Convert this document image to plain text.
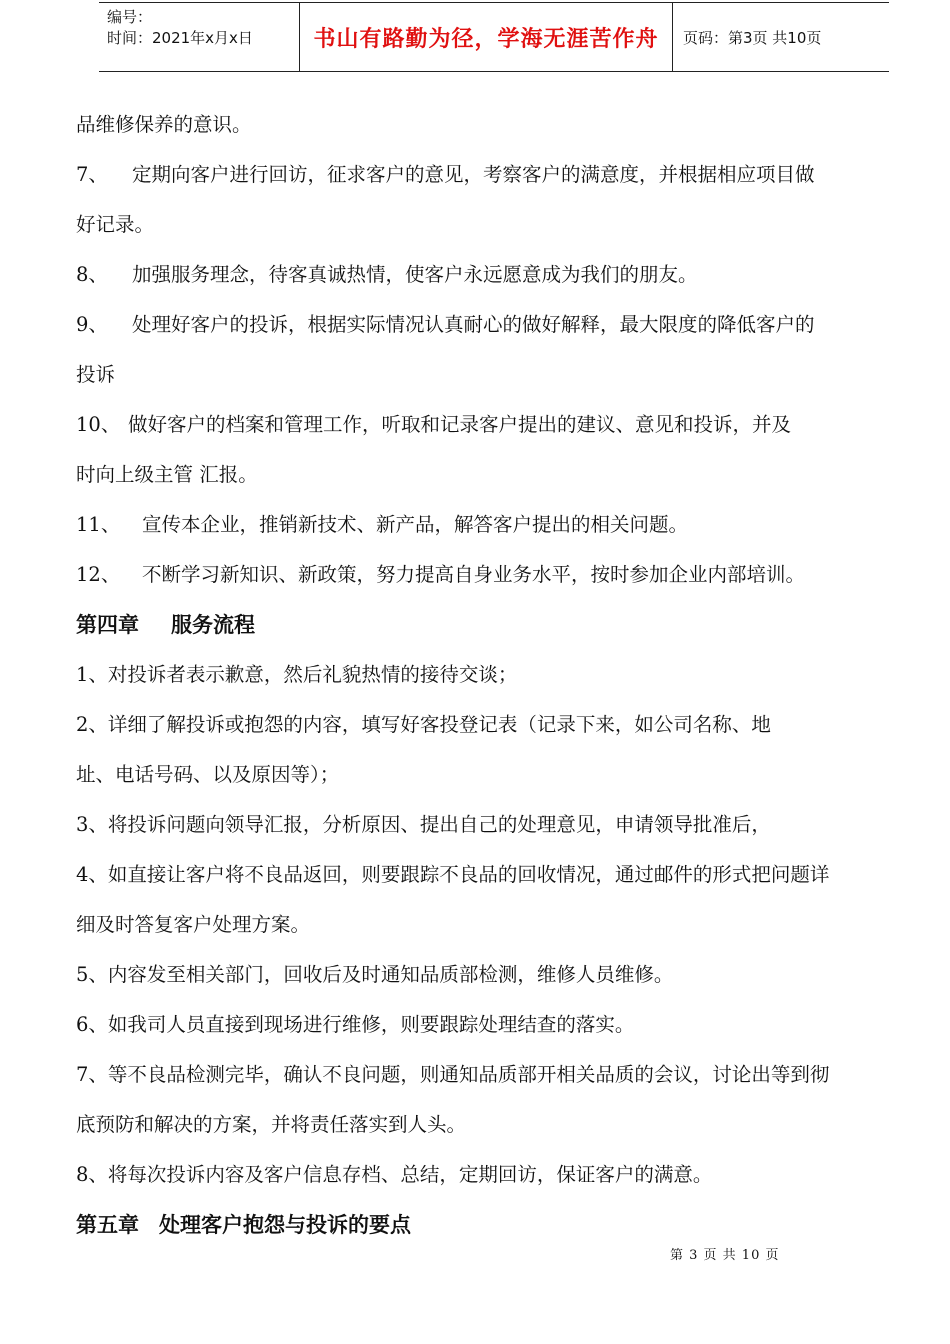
编号：
时间：2021年x月x日	书山有路勤为径，学海无涯苦作舟 页码：第3页 共10页
品维修保养的意识。
7、 定期向客户进行回访，征求客户的意见，考察客户的满意度，并根据相应项目做
好记录。
8、 加强服务理念，待客真诚热情，使客户永远愿意成为我们的朋友。
9、 处理好客户的投诉，根据实际情况认真耐心的做好解释，最大限度的降低客户的
投诉
10、 做好客户的档案和管理工作，听取和记录客户提出的建议、意见和投诉，并及
时向上级主管 汇报。
11、 宣传本企业，推销新技术、新产品，解答客户提出的相关问题。
12、 不断学习新知识、新政策，努力提高自身业务水平，按时参加企业内部培训。
第四章 服务流程
1、对投诉者表示歉意，然后礼貌热情的接待交谈；
2、详细了解投诉或抱怨的内容，填写好客投登记表（记录下来，如公司名称、地
址、电话号码、以及原因等）；
3、将投诉问题向领导汇报，分析原因、提出自己的处理意见，申请领导批准后，
4、如直接让客户将不良品返回，则要跟踪不良品的回收情况，通过邮件的形式把问题详
细及时答复客户处理方案。
5、内容发至相关部门，回收后及时通知品质部检测，维修人员维修。
6、如我司人员直接到现场进行维修，则要跟踪处理结查的落实。
7、等不良品检测完毕，确认不良问题，则通知品质部开相关品质的会议，讨论出等到彻
底预防和解决的方案，并将责任落实到人头。
8、将每次投诉内容及客户信息存档、总结，定期回访，保证客户的满意。
第五章 处理客户抱怨与投诉的要点
第 3 页 共 10 页
